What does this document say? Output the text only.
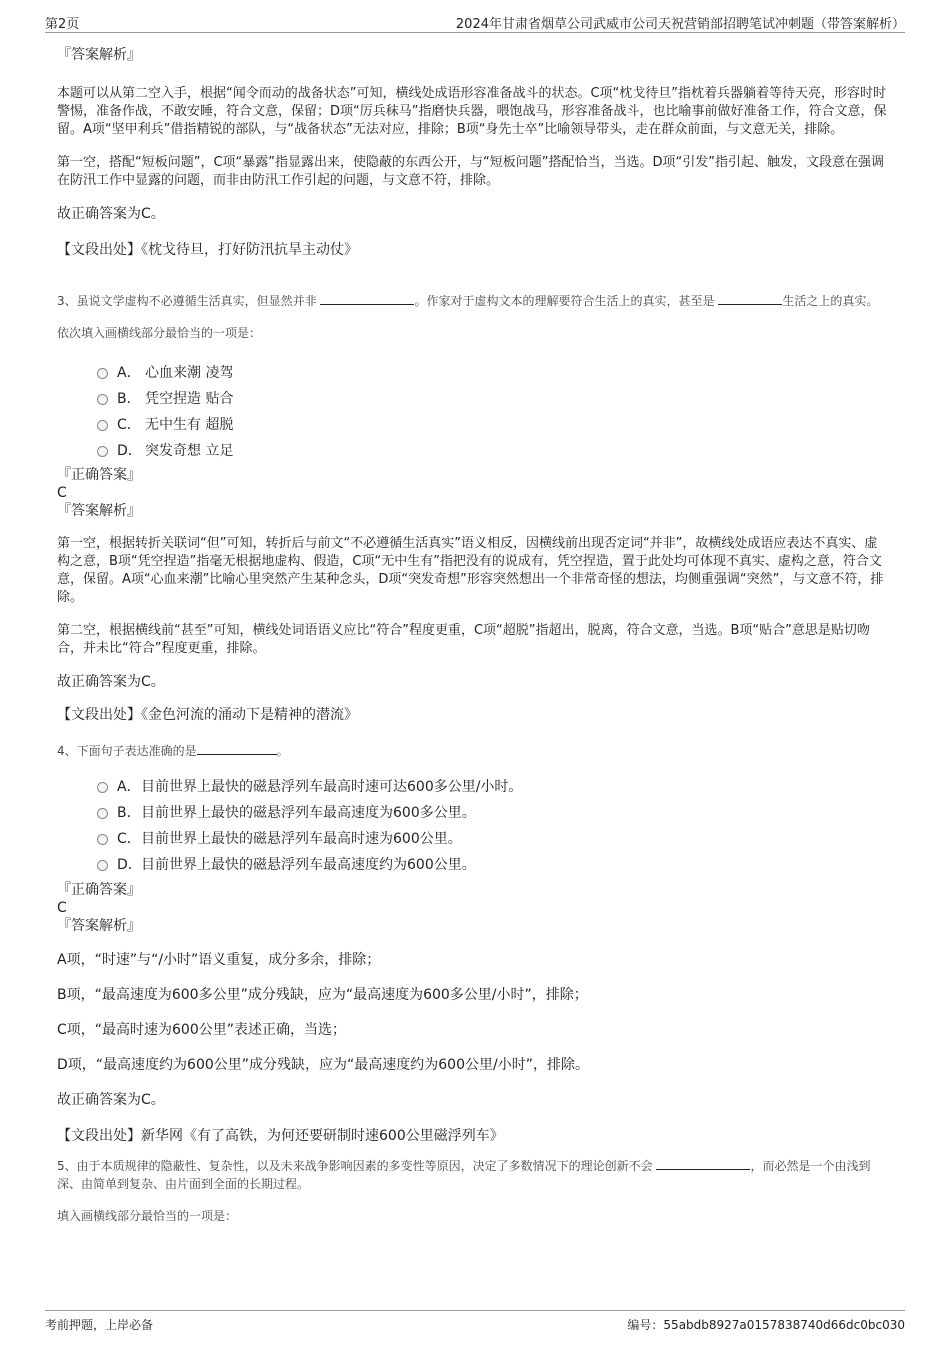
第2页	2024年甘肃省烟草公司武威市公司天祝营销部招聘笔试冲刺题（带答案解析）

『答案解析』

本题可以从第二空入手，根据“闻令而动的战备状态”可知，横线处成语形容准备战斗的状态。C项“枕戈待旦”指枕着兵器躺着等待天亮，形容时时警惕，准备作战，不敢安睡，符合文意，保留；D项“厉兵秣马”指磨快兵器，喂饱战马，形容准备战斗，也比喻事前做好准备工作，符合文意，保留。A项“坚甲利兵”借指精锐的部队，与“战备状态”无法对应，排除；B项“身先士卒”比喻领导带头，走在群众前面，与文意无关，排除。

第一空，搭配“短板问题”，C项“暴露”指显露出来，使隐蔽的东西公开，与“短板问题”搭配恰当，当选。D项“引发”指引起、触发，文段意在强调在防汛工作中显露的问题，而非由防汛工作引起的问题，与文意不符，排除。

故正确答案为C。

【文段出处】《枕戈待旦，打好防汛抗旱主动仗》

3、虽说文学虚构不必遵循生活真实，但显然并非	。作家对于虚构文本的理解要符合生活上的真实，甚至是	生活之上的真实。

依次填入画横线部分最恰当的一项是：

A． 心血来潮 凌驾
B． 凭空捏造 贴合
C． 无中生有 超脱
D． 突发奇想 立足

『正确答案』

C

『答案解析』

第一空，根据转折关联词“但”可知，转折后与前文“不必遵循生活真实”语义相反，因横线前出现否定词“并非”，故横线处成语应表达不真实、虚构之意，B项“凭空捏造”指毫无根据地虚构、假造，C项“无中生有”指把没有的说成有，凭空捏造，置于此处均可体现不真实、虚构之意，符合文意，保留。A项“心血来潮”比喻心里突然产生某种念头，D项“突发奇想”形容突然想出一个非常奇怪的想法，均侧重强调“突然”，与文意不符，排除。

第二空，根据横线前“甚至”可知，横线处词语语义应比“符合”程度更重，C项“超脱”指超出，脱离，符合文意，当选。B项“贴合”意思是贴切吻合，并未比“符合”程度更重，排除。

故正确答案为C。

【文段出处】《金色河流的涌动下是精神的潜流》

4、下面句子表达准确的是	。

A．目前世界上最快的磁悬浮列车最高时速可达600多公里/小时。
B．目前世界上最快的磁悬浮列车最高速度为600多公里。
C．目前世界上最快的磁悬浮列车最高时速为600公里。
D．目前世界上最快的磁悬浮列车最高速度约为600公里。

『正确答案』

C

『答案解析』

A项，“时速”与“/小时”语义重复，成分多余，排除；

B项，“最高速度为600多公里”成分残缺，应为“最高速度为600多公里/小时”，排除；

C项，“最高时速为600公里”表述正确，当选；

D项，“最高速度约为600公里”成分残缺，应为“最高速度约为600公里/小时”，排除。

故正确答案为C。

【文段出处】新华网《有了高铁，为何还要研制时速600公里磁浮列车》

5、由于本质规律的隐蔽性、复杂性，以及未来战争影响因素的多变性等原因，决定了多数情况下的理论创新不会	，而必然是一个由浅到深、由简单到复杂、由片面到全面的长期过程。

填入画横线部分最恰当的一项是：

考前押题，上岸必备	编号：55abdb8927a0157838740d66dc0bc030
